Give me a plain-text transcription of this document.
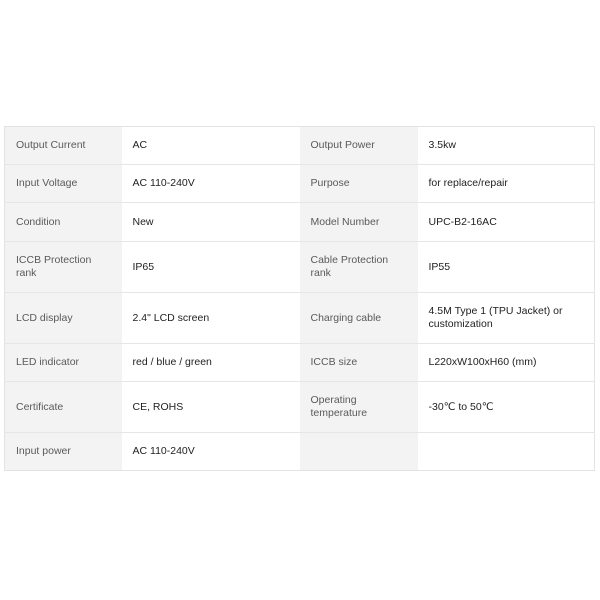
Output Current	AC	Output Power	3.5kw
Input Voltage	AC 110-240V	Purpose	for replace/repair
Condition	New	Model Number	UPC-B2-16AC
ICCB Protection rank	IP65	Cable Protection rank	IP55
LCD display	2.4" LCD screen	Charging cable	4.5M Type 1 (TPU Jacket) or customization
LED indicator	red / blue / green	ICCB size	L220xW100xH60 (mm)
Certificate	CE, ROHS	Operating temperature	-30℃ to 50℃
Input power	AC 110-240V		
